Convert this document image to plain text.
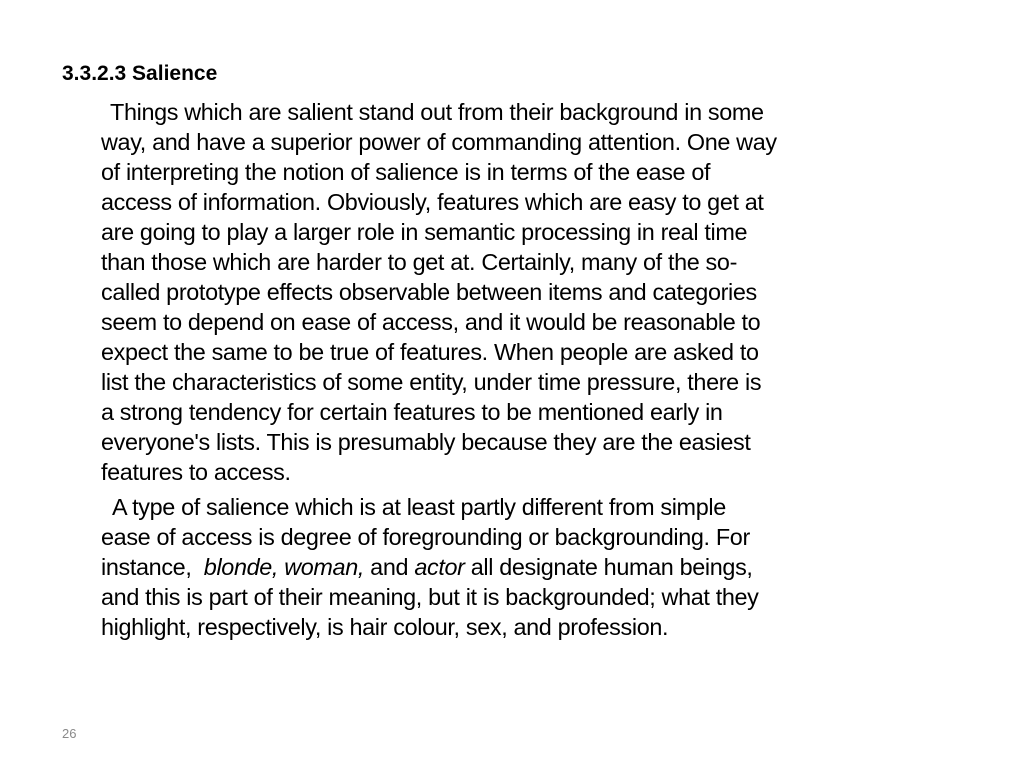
3.3.2.3 Salience

Things which are salient stand out from their background in some
way, and have a superior power of commanding attention. One way
of interpreting the notion of salience is in terms of the ease of
access of information. Obviously, features which are easy to get at
are going to play a larger role in semantic processing in real time
than those which are harder to get at. Certainly, many of the so-
called prototype effects observable between items and categories
seem to depend on ease of access, and it would be reasonable to
expect the same to be true of features. When people are asked to
list the characteristics of some entity, under time pressure, there is
a strong tendency for certain features to be mentioned early in
everyone's lists. This is presumably because they are the easiest
features to access.

A type of salience which is at least partly different from simple
ease of access is degree of foregrounding or backgrounding. For
instance,  blonde, woman, and actor all designate human beings,
and this is part of their meaning, but it is backgrounded; what they
highlight, respectively, is hair colour, sex, and profession.

26
